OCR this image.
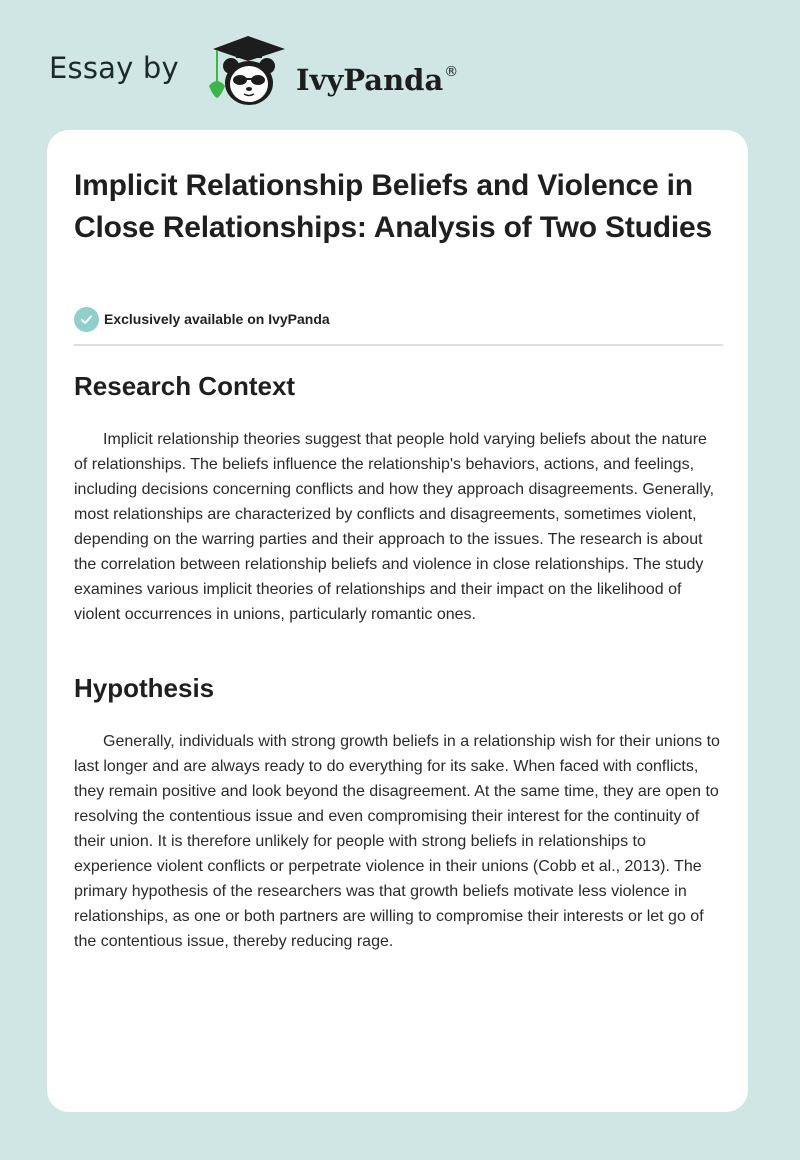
Essay by	IvyPanda®
Implicit Relationship Beliefs and Violence in Close Relationships: Analysis of Two Studies
Exclusively available on IvyPanda
Research Context

Implicit relationship theories suggest that people hold varying beliefs about the nature of relationships. The beliefs influence the relationship's behaviors, actions, and feelings, including decisions concerning conflicts and how they approach disagreements. Generally, most relationships are characterized by conflicts and disagreements, sometimes violent, depending on the warring parties and their approach to the issues. The research is about the correlation between relationship beliefs and violence in close relationships. The study examines various implicit theories of relationships and their impact on the likelihood of violent occurrences in unions, particularly romantic ones.

Hypothesis

Generally, individuals with strong growth beliefs in a relationship wish for their unions to last longer and are always ready to do everything for its sake. When faced with conflicts, they remain positive and look beyond the disagreement. At the same time, they are open to resolving the contentious issue and even compromising their interest for the continuity of their union. It is therefore unlikely for people with strong beliefs in relationships to experience violent conflicts or perpetrate violence in their unions (Cobb et al., 2013). The primary hypothesis of the researchers was that growth beliefs motivate less violence in relationships, as one or both partners are willing to compromise their interests or let go of the contentious issue, thereby reducing rage.
